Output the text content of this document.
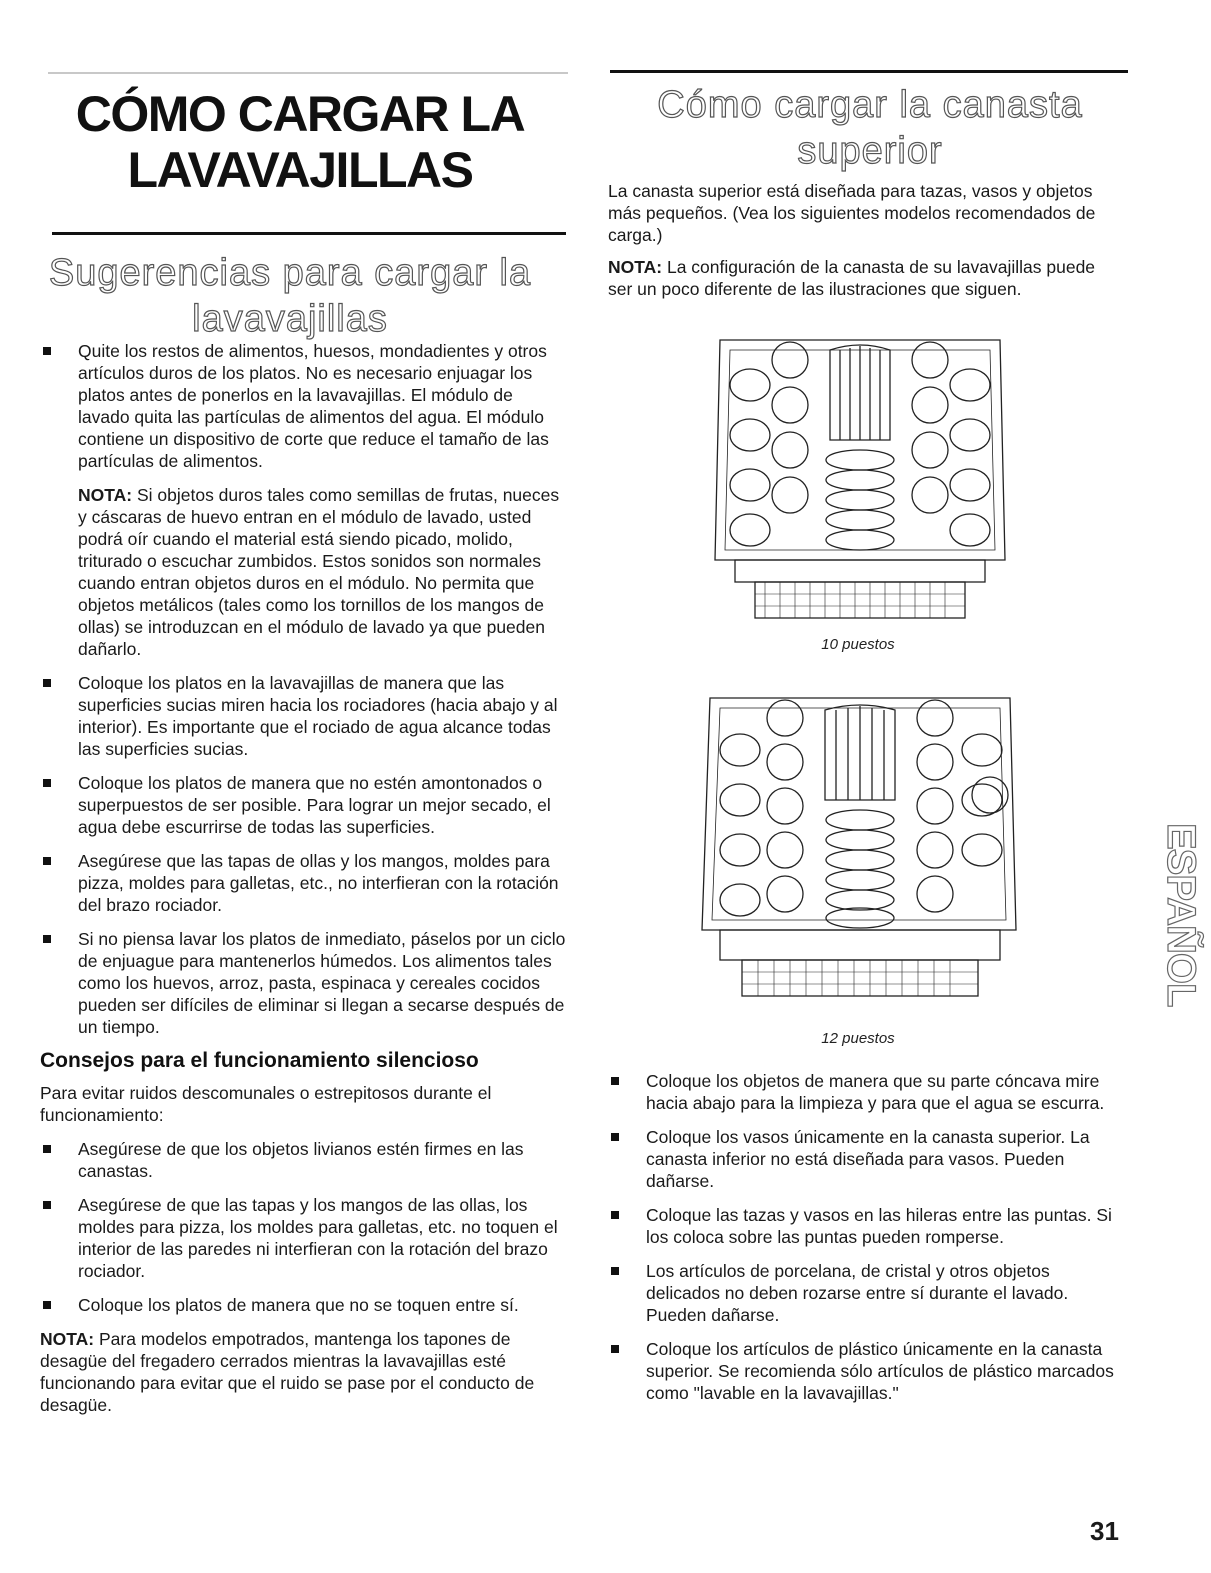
CÓMO CARGAR LA LAVAVAJILLAS
Sugerencias para cargar la lavavajillas
Quite los restos de alimentos, huesos, mondadientes y otros artículos duros de los platos. No es necesario enjuagar los platos antes de ponerlos en la lavavajillas. El módulo de lavado quita las partículas de alimentos del agua. El módulo contiene un dispositivo de corte que reduce el tamaño de las partículas de alimentos.

NOTA: Si objetos duros tales como semillas de frutas, nueces y cáscaras de huevo entran en el módulo de lavado, usted podrá oír cuando el material está siendo picado, molido, triturado o escuchar zumbidos. Estos sonidos son normales cuando entran objetos duros en el módulo. No permita que objetos metálicos (tales como los tornillos de los mangos de ollas) se introduzcan en el módulo de lavado ya que pueden dañarlo.

Coloque los platos en la lavavajillas de manera que las superficies sucias miren hacia los rociadores (hacia abajo y al interior). Es importante que el rociado de agua alcance todas las superficies sucias.
Coloque los platos de manera que no estén amontonados o superpuestos de ser posible. Para lograr un mejor secado, el agua debe escurrirse de todas las superficies.
Asegúrese que las tapas de ollas y los mangos, moldes para pizza, moldes para galletas, etc., no interfieran con la rotación del brazo rociador.
Si no piensa lavar los platos de inmediato, páselos por un ciclo de enjuague para mantenerlos húmedos. Los alimentos tales como los huevos, arroz, pasta, espinaca y cereales cocidos pueden ser difíciles de eliminar si llegan a secarse después de un tiempo.
Consejos para el funcionamiento silencioso

Para evitar ruidos descomunales o estrepitosos durante el funcionamiento:

Asegúrese de que los objetos livianos estén firmes en las canastas.
Asegúrese de que las tapas y los mangos de las ollas, los moldes para pizza, los moldes para galletas, etc. no toquen el interior de las paredes ni interfieran con la rotación del brazo rociador.
Coloque los platos de manera que no se toquen entre sí.

NOTA: Para modelos empotrados, mantenga los tapones de desagüe del fregadero cerrados mientras la lavavajillas esté funcionando para evitar que el ruido se pase por el conducto de desagüe.

Cómo cargar la canasta superior

La canasta superior está diseñada para tazas, vasos y objetos más pequeños. (Vea los siguientes modelos recomendados de carga.)

NOTA: La configuración de la canasta de su lavavajillas puede ser un poco diferente de las ilustraciones que siguen.

10 puestos
12 puestos
Coloque los objetos de manera que su parte cóncava mire hacia abajo para la limpieza y para que el agua se escurra.
Coloque los vasos únicamente en la canasta superior. La canasta inferior no está diseñada para vasos. Pueden dañarse.
Coloque las tazas y vasos en las hileras entre las puntas. Si los coloca sobre las puntas pueden romperse.
Los artículos de porcelana, de cristal y otros objetos delicados no deben rozarse entre sí durante el lavado. Pueden dañarse.
Coloque los artículos de plástico únicamente en la canasta superior. Se recomienda sólo artículos de plástico marcados como "lavable en la lavavajillas."
ESPAÑOL
31
